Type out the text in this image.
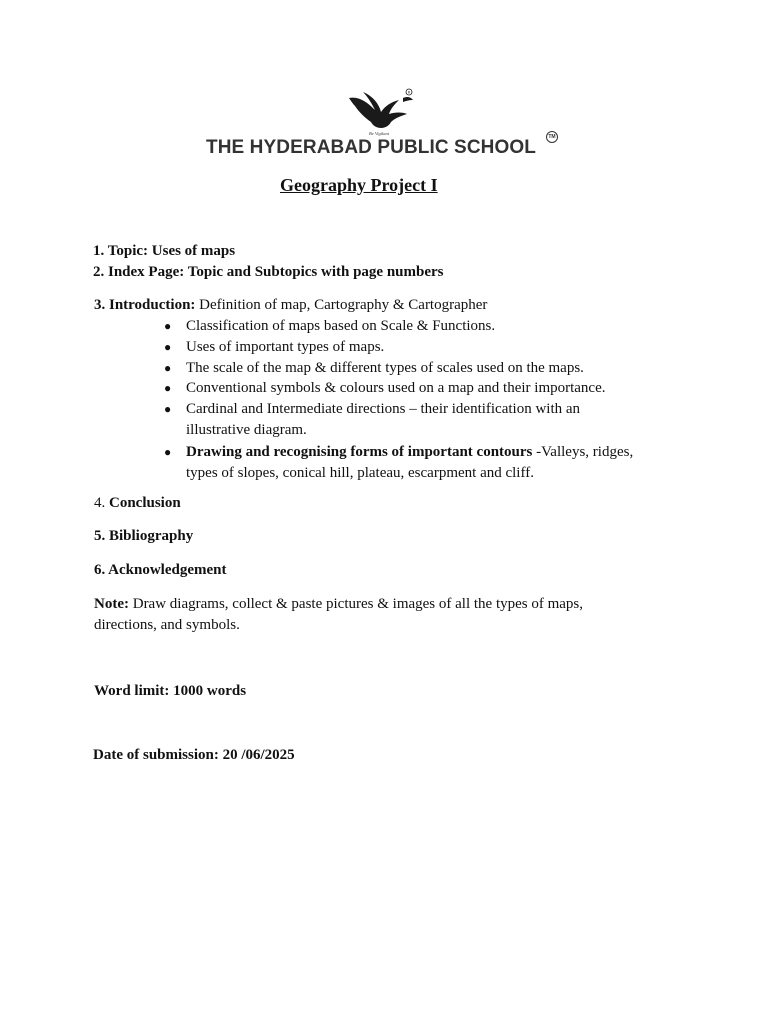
R
Be Vigilant
THE HYDERABAD PUBLIC SCHOOL	TM
Geography Project I
1. Topic: Uses of maps
2. Index Page: Topic and Subtopics with page numbers
3. Introduction: Definition of map, Cartography & Cartographer
● Classification of maps based on Scale & Functions.
● Uses of important types of maps.
● The scale of the map & different types of scales used on the maps.
● Conventional symbols & colours used on a map and their importance.
● Cardinal and Intermediate directions – their identification with an illustrative diagram.
● Drawing and recognising forms of important contours -Valleys, ridges, types of slopes, conical hill, plateau, escarpment and cliff.
4. Conclusion
5. Bibliography
6. Acknowledgement
Note: Draw diagrams, collect & paste pictures & images of all the types of maps, directions, and symbols.
Word limit: 1000 words
Date of submission: 20 /06/2025
